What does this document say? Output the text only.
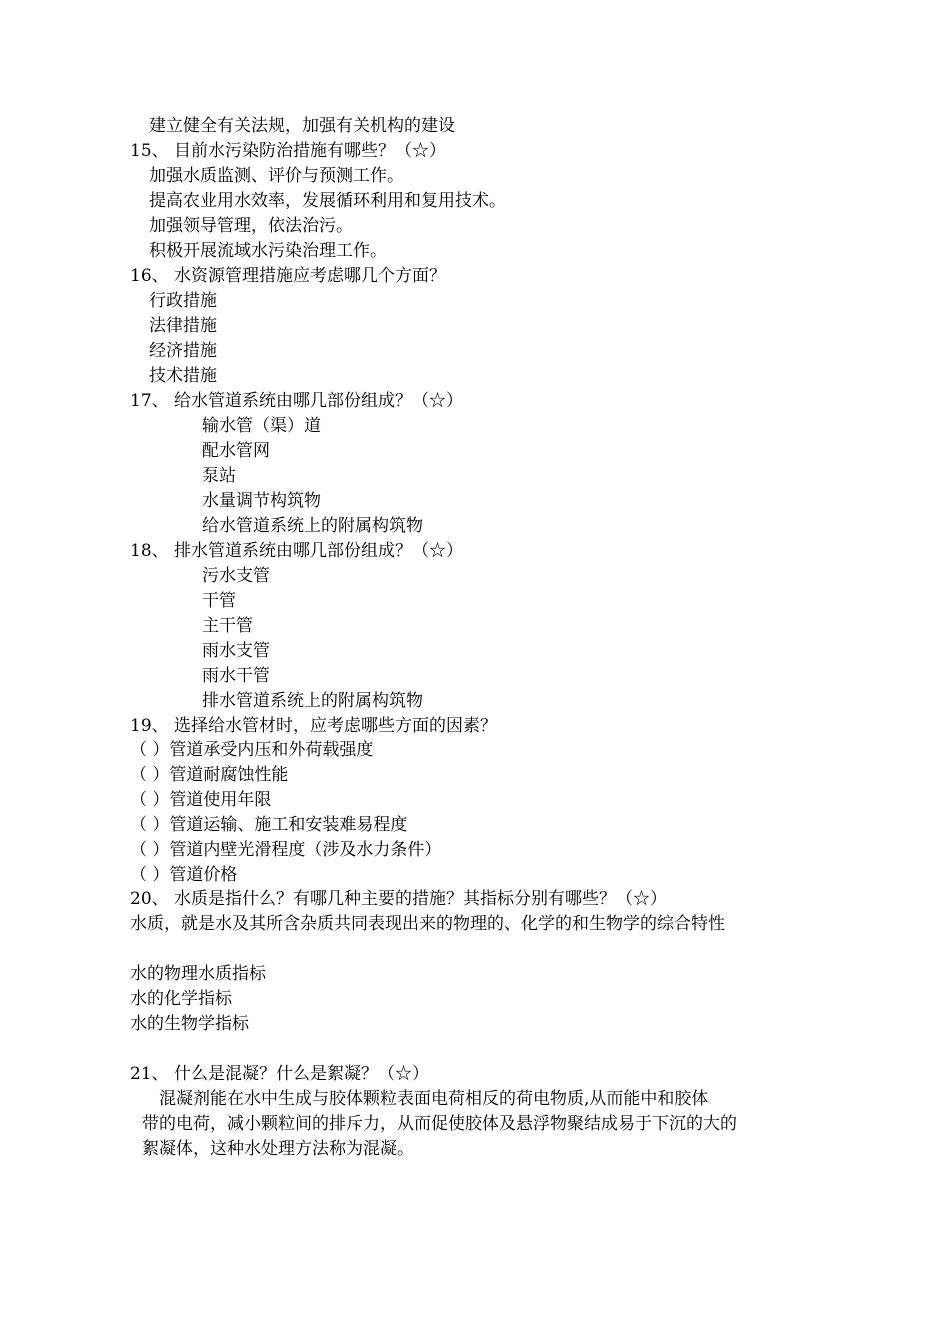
建立健全有关法规，加强有关机构的建设
15、 目前水污染防治措施有哪些？（☆）
加强水质监测、评价与预测工作。
提高农业用水效率，发展循环利用和复用技术。
加强领导管理，依法治污。
积极开展流域水污染治理工作。
16、 水资源管理措施应考虑哪几个方面？
行政措施
法律措施
经济措施
技术措施
17、 给水管道系统由哪几部份组成？（☆）
输水管（渠）道
配水管网
泵站
水量调节构筑物
给水管道系统上的附属构筑物
18、 排水管道系统由哪几部份组成？（☆）
污水支管
干管
主干管
雨水支管
雨水干管
排水管道系统上的附属构筑物
19、 选择给水管材时，应考虑哪些方面的因素？
（ ）管道承受内压和外荷载强度
（ ）管道耐腐蚀性能
（ ）管道使用年限
（ ）管道运输、施工和安装难易程度
（ ）管道内壁光滑程度（涉及水力条件）
（ ）管道价格
20、 水质是指什么？有哪几种主要的措施？其指标分别有哪些？（☆）
水质，就是水及其所含杂质共同表现出来的物理的、化学的和生物学的综合特性
水的物理水质指标
水的化学指标
水的生物学指标
21、 什么是混凝？什么是絮凝？（☆）
　混凝剂能在水中生成与胶体颗粒表面电荷相反的荷电物质,从而能中和胶体
带的电荷，减小颗粒间的排斥力，从而促使胶体及悬浮物聚结成易于下沉的大的
絮凝体，这种水处理方法称为混凝。
